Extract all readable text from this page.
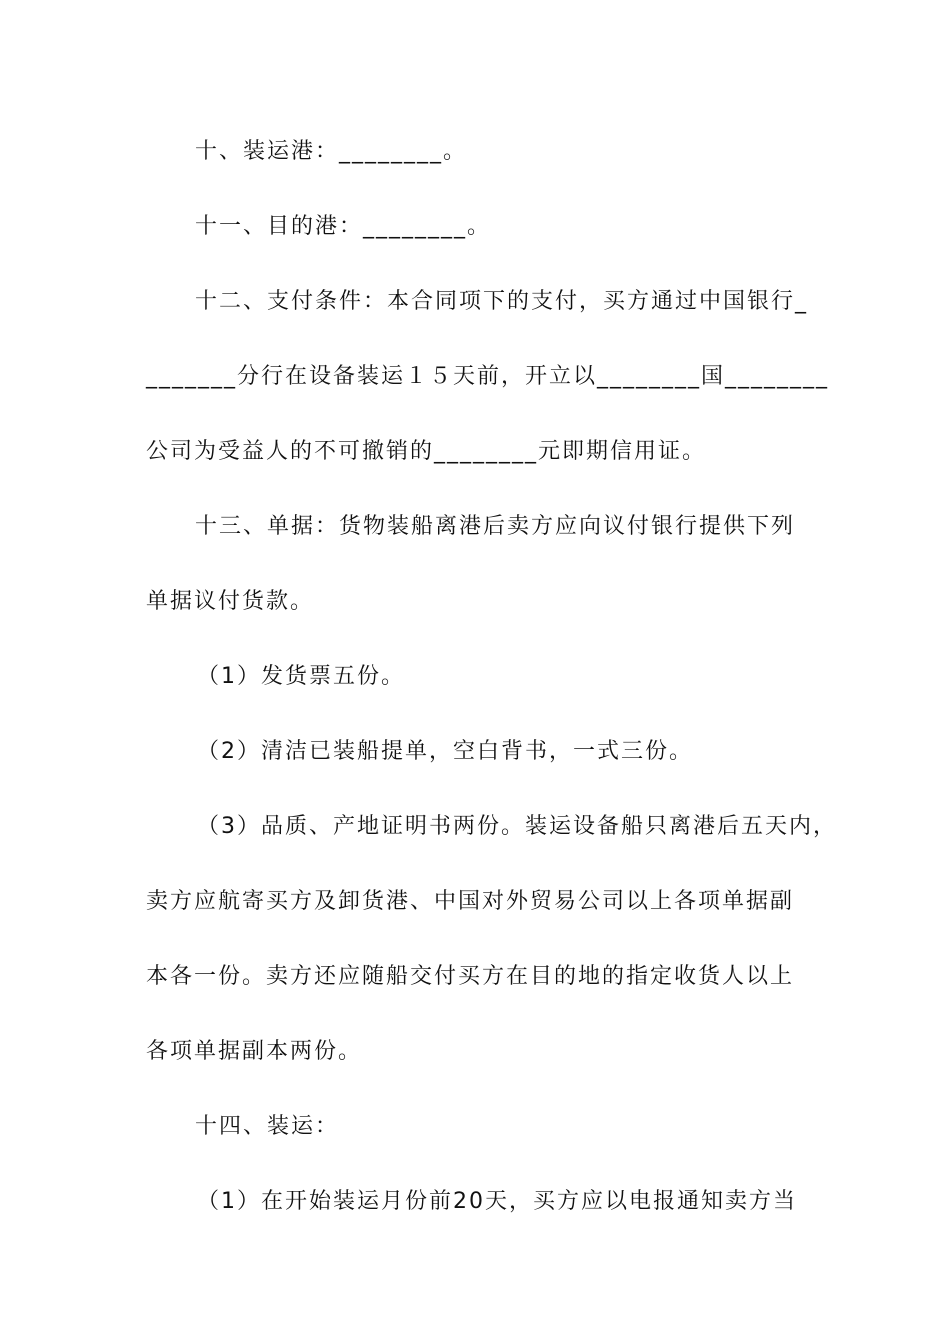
十、装运港：________。
十一、目的港：________。
十二、支付条件：本合同项下的支付，买方通过中国银行_
_______分行在设备装运１５天前，开立以________国________
公司为受益人的不可撤销的________元即期信用证。
十三、单据：货物装船离港后卖方应向议付银行提供下列
单据议付货款。
（1）发货票五份。
（2）清洁已装船提单，空白背书，一式三份。
（3）品质、产地证明书两份。装运设备船只离港后五天内，
卖方应航寄买方及卸货港、中国对外贸易公司以上各项单据副
本各一份。卖方还应随船交付买方在目的地的指定收货人以上
各项单据副本两份。
十四、装运：
（1）在开始装运月份前20天，买方应以电报通知卖方当
